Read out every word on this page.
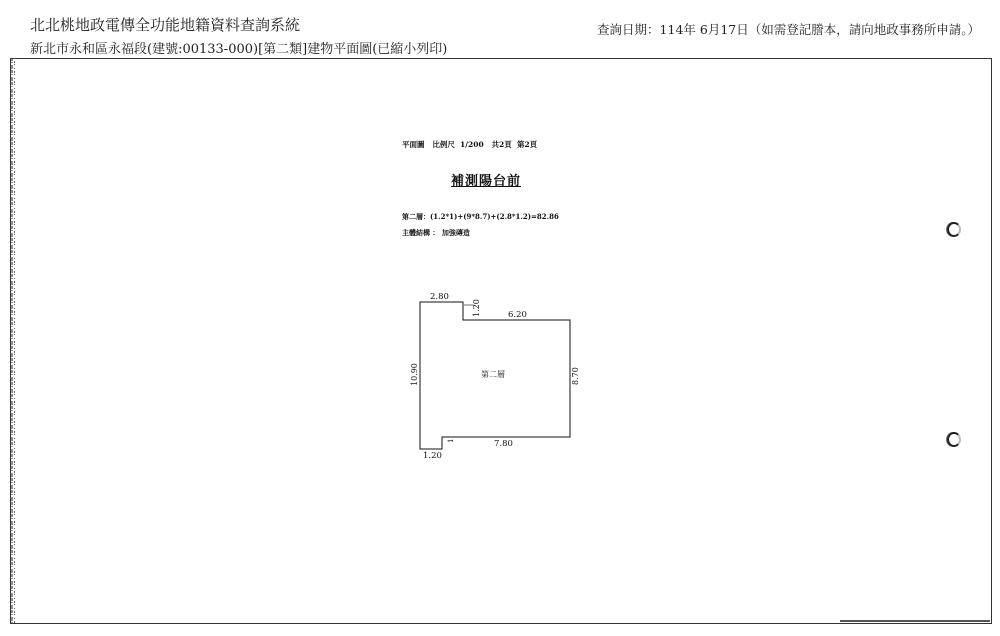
北北桃地政電傳全功能地籍資料查詢系統
新北市永和區永福段(建號:00133-000)[第二類]建物平面圖(已縮小列印)
查詢日期：114年 6月17日（如需登記謄本，請向地政事務所申請。）
平面圖   比例尺  1/200   共2頁  第2頁
補測陽台前
第二層：(1.2*1)+(9*8.7)+(2.8*1.2)=82.86
主體結構 ： 加強磚造
2.80
1.20	6.20
10.90	8.70
第二層
7.80
1
1.20
